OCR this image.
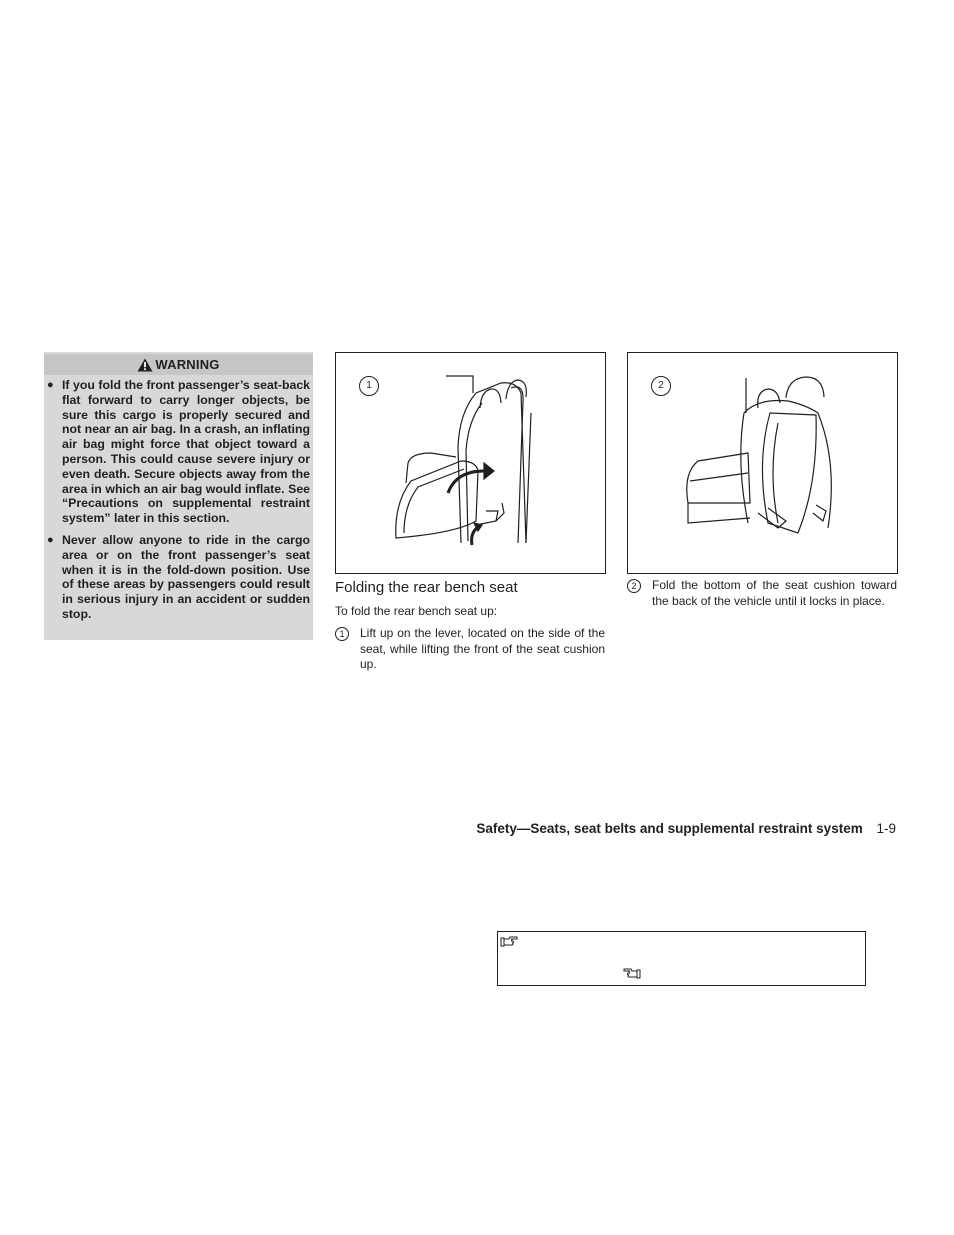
WARNING
● If you fold the front passenger’s seat-back flat forward to carry longer objects, be sure this cargo is properly secured and not near an air bag. In a crash, an inflating air bag might force that object toward a person. This could cause severe injury or even death. Secure objects away from the area in which an air bag would inflate. See “Precautions on supplemental restraint system” later in this section.
● Never allow anyone to ride in the cargo area or on the front passenger’s seat when it is in the fold-down position. Use of these areas by passengers could result in serious injury in an accident or sudden stop.
1	2
Folding the rear bench seat
To fold the rear bench seat up:
1	Lift up on the lever, located on the side of the seat, while lifting the front of the seat cushion up.
2	Fold the bottom of the seat cushion toward the back of the vehicle until it locks in place.
Safety—Seats, seat belts and supplemental restraint system 1-9
